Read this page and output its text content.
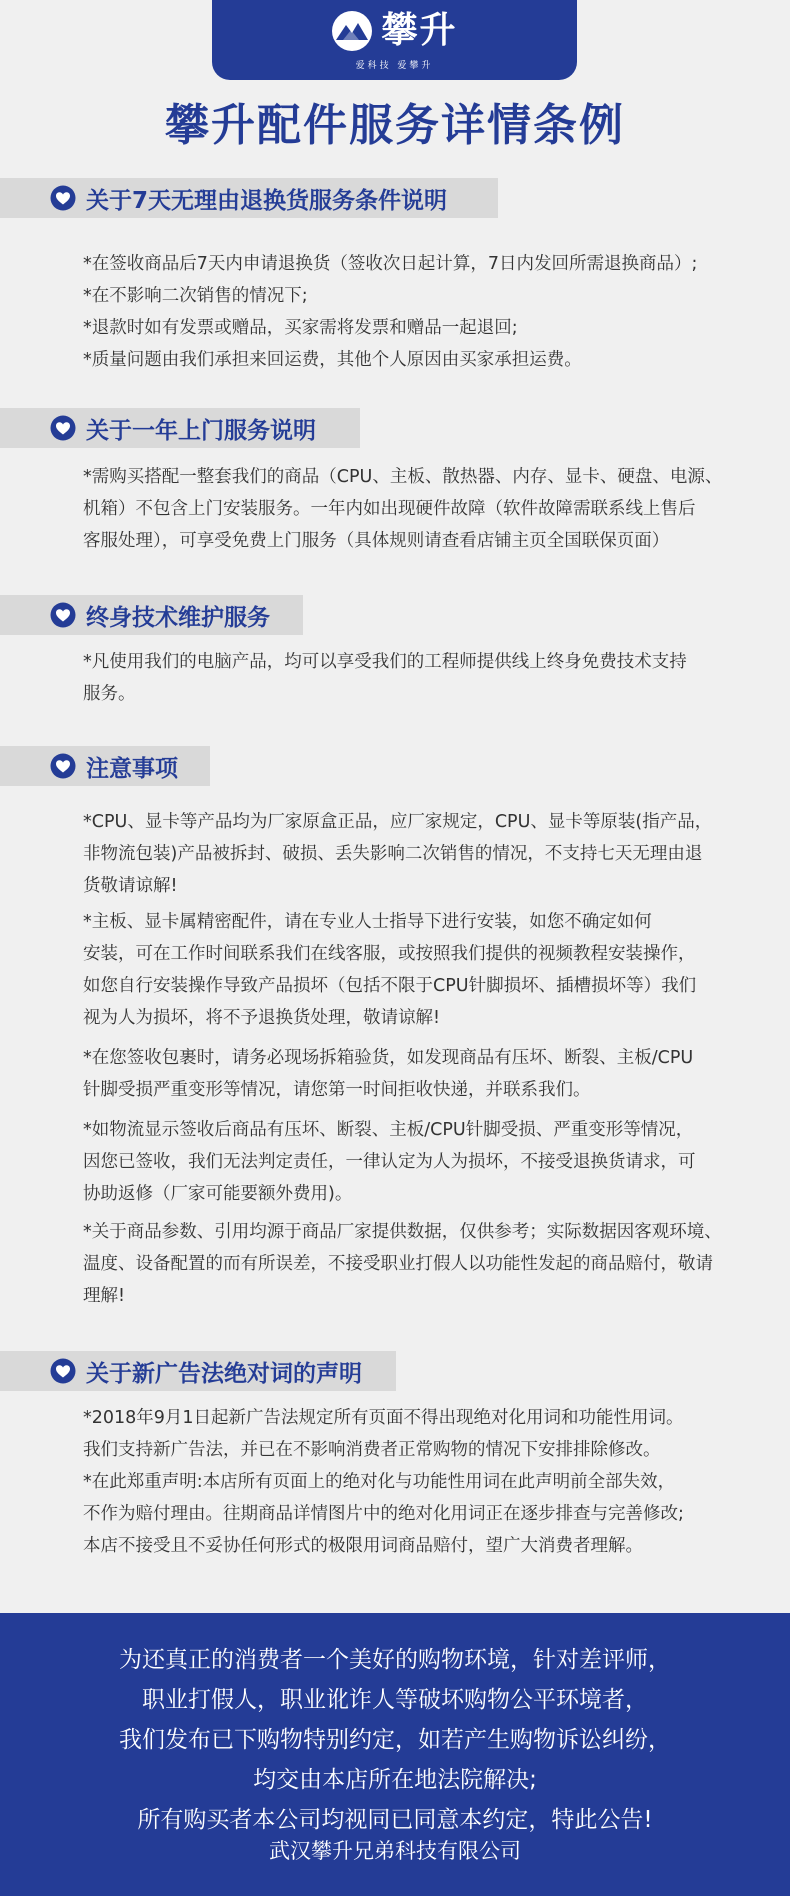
攀升
爱科技 爱攀升
攀升配件服务详情条例
关于7天无理由退换货服务条件说明
*在签收商品后7天内申请退换货（签收次日起计算，7日内发回所需退换商品）;
*在不影响二次销售的情况下;
*退款时如有发票或赠品，买家需将发票和赠品一起退回;
*质量问题由我们承担来回运费，其他个人原因由买家承担运费。
关于一年上门服务说明
*需购买搭配一整套我们的商品（CPU、主板、散热器、内存、显卡、硬盘、电源、
机箱）不包含上门安装服务。一年内如出现硬件故障（软件故障需联系线上售后
客服处理），可享受免费上门服务（具体规则请查看店铺主页全国联保页面）
终身技术维护服务
*凡使用我们的电脑产品，均可以享受我们的工程师提供线上终身免费技术支持
服务。
注意事项
*CPU、显卡等产品均为厂家原盒正品，应厂家规定，CPU、显卡等原装(指产品，
非物流包装)产品被拆封、破损、丢失影响二次销售的情况，不支持七天无理由退
货敬请谅解!
*主板、显卡属精密配件，请在专业人士指导下进行安装，如您不确定如何
安装，可在工作时间联系我们在线客服，或按照我们提供的视频教程安装操作，
如您自行安装操作导致产品损坏（包括不限于CPU针脚损坏、插槽损坏等）我们
视为人为损坏，将不予退换货处理，敬请谅解!
*在您签收包裹时，请务必现场拆箱验货，如发现商品有压坏、断裂、主板/CPU
针脚受损严重变形等情况，请您第一时间拒收快递，并联系我们。
*如物流显示签收后商品有压坏、断裂、主板/CPU针脚受损、严重变形等情况，
因您已签收，我们无法判定责任，一律认定为人为损坏，不接受退换货请求，可
协助返修（厂家可能要额外费用)。
*关于商品参数、引用均源于商品厂家提供数据，仅供参考；实际数据因客观环境、
温度、设备配置的而有所误差，不接受职业打假人以功能性发起的商品赔付，敬请
理解!
关于新广告法绝对词的声明
*2018年9月1日起新广告法规定所有页面不得出现绝对化用词和功能性用词。
我们支持新广告法，并已在不影响消费者正常购物的情况下安排排除修改。
*在此郑重声明:本店所有页面上的绝对化与功能性用词在此声明前全部失效，
不作为赔付理由。往期商品详情图片中的绝对化用词正在逐步排查与完善修改;
本店不接受且不妥协任何形式的极限用词商品赔付，望广大消费者理解。
为还真正的消费者一个美好的购物环境，针对差评师，
职业打假人，职业讹诈人等破坏购物公平环境者，
我们发布已下购物特别约定，如若产生购物诉讼纠纷，
均交由本店所在地法院解决;
所有购买者本公司均视同已同意本约定，特此公告!
武汉攀升兄弟科技有限公司
